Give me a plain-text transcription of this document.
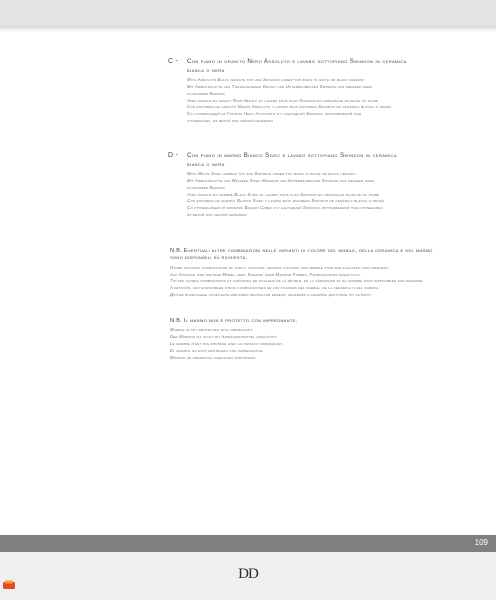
C - Con piano in granito Nero Assoluto e lavabo sottopiano Swindon in ceramica
bianca o nera
With Absolute Black granite top and Swindon under-top basin in white or black ceramic
Mit Arbeitsplatte aus Tiefschwarzem Granit und Unterbaubecken Swindon aus weisser oder
schwarzer Keramik
Avec dessus en granit Noir Absolu et lavabo sous plan Swindon en céramique blanche ou noire
Con encimera de granito Negro Absoluto y lavabo bajo encimera Swindon de cerámica blanca o negra
Со столешницей из Гранита Неро Ассолюто и с накладной Swindon, встраиваемой под
столешницу, из белой или черной керамики
D - Con piano in marmo Bianco Sivec e lavabo sottopiano Swindon in ceramica
bianca o nera
With White Sivec marble top and Swindon under-top basin in white or black ceramic
Mit Arbeitsplatte aus Weissem Sivec-Marmor und Unterbaubecken Swindon aus weisser oder
schwarzer Keramik
Avec dessus en marbre Blanc Sivec et lavabo sous plan Swindon en céramique blanche ou noire
Con encimera de mármol Blanco Sivec y lavabo bajo encimera Swindon de cerámica blanca o negra
Со столешницей из мрамора Бианко Сивек и с накладной Swindon, встраиваемой под столешницу,
из белой или черной керамики
N.B. Eventuali altre combinazioni nelle varianti di colore del mobile, della ceramica e del marmo
sono disponibili su richiesta.
Other optional combinations of vanity colours, ceramic colours and marble type are available upon request.
Auf Anfrage sind weitere Möbel, bzw. Keramik oder Marmor Farben, Farbvarianten erhältlich.
Toutes autres combinaisons et variantes de couleur de la meuble, de la céramique et du marbre sont disponibles sur demande.
A petición, son disponibles otras combinaciones de los colores del mueble, de la cerámica o del mármol.
Другие возможные сочетания цветовых вариантов мебели, керамики и мрамора доступны по запросу.
N.B. Il marmo non è protetto con impregnante.
Marble is not protected with impregnant.
Der Marmor ist nicht mit Imprägniermittel geschützt.
Le marbre n'est pas protégé avec un produit imprégnant.
El mármol no está protegido con impregnante.
Мрамор не обработан защитной пропиткой.
109
DD
